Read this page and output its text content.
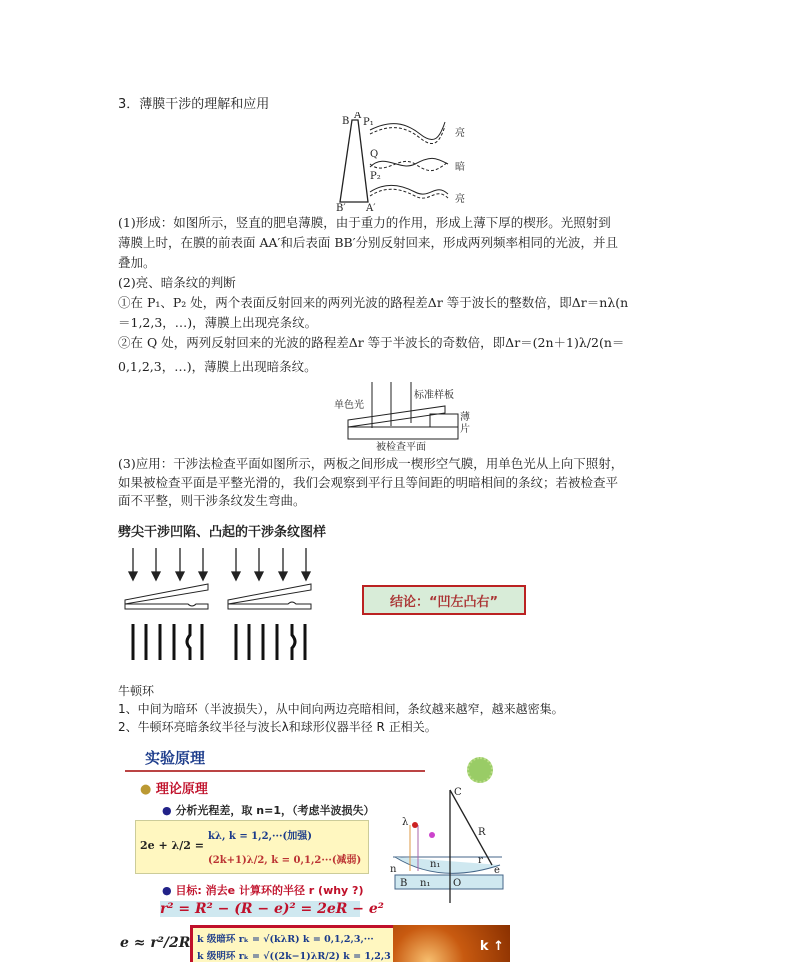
3．薄膜干涉的理解和应用
B
A
P₁
Q
P₂
B′ A′
亮
暗
亮
(1)形成：如图所示，竖直的肥皂薄膜，由于重力的作用，形成上薄下厚的楔形。光照射到
薄膜上时，在膜的前表面 AA′和后表面 BB′分别反射回来，形成两列频率相同的光波，并且
叠加。
(2)亮、暗条纹的判断
①在 P₁、P₂ 处，两个表面反射回来的两列光波的路程差Δr 等于波长的整数倍，即Δr＝nλ(n
＝1,2,3，…)，薄膜上出现亮条纹。
②在 Q 处，两列反射回来的光波的路程差Δr 等于半波长的奇数倍，即Δr＝(2n＋1)λ/2(n＝
0,1,2,3，…)，薄膜上出现暗条纹。
单色光
标准样板
薄
片
被检查平面
(3)应用：干涉法检查平面如图所示，两板之间形成一楔形空气膜，用单色光从上向下照射，
如果被检查平面是平整光滑的，我们会观察到平行且等间距的明暗相间的条纹；若被检查平
面不平整，则干涉条纹发生弯曲。
劈尖干涉凹陷、凸起的干涉条纹图样
结论：“凹左凸右”
牛顿环
1、中间为暗环（半波损失），从中间向两边亮暗相间，条纹越来越窄，越来越密集。
2、牛顿环亮暗条纹半径与波长λ和球形仪器半径 R 正相关。
实验原理
● 理论原理
● 分析光程差，取 n=1，（考虑半波损失）
2e + λ/2 =
kλ, k = 1,2,···(加强)
(2k+1)λ/2, k = 0,1,2···(减弱)
● 目标: 消去e 计算环的半径 r (why ?)
r² = R² − (R − e)² = 2eR − e²
e ≈ r²/2R k 级暗环 rₖ = √(kλR) k = 0,1,2,3,···
k 级明环 rₖ = √((2k−1)λR/2) k = 1,2,3
k ↑
C
R
λ
n	n₁
n₁
B	O
r
e
